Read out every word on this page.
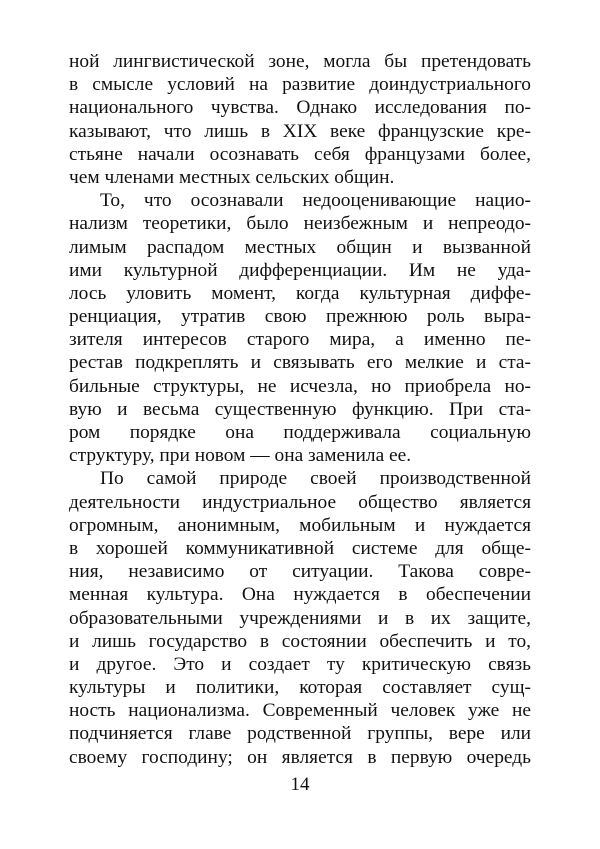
ной лингвистической зоне, могла бы претендовать
в смысле условий на развитие доиндустриального
национального чувства. Однако исследования по-
казывают, что лишь в XIX веке французские кре-
стьяне начали осознавать себя французами более,
чем членами местных сельских общин.
То, что осознавали недооценивающие нацио-
нализм теоретики, было неизбежным и непреодо-
лимым распадом местных общин и вызванной
ими культурной дифференциации. Им не уда-
лось уловить момент, когда культурная диффе-
ренциация, утратив свою прежнюю роль выра-
зителя интересов старого мира, а именно пе-
рестав подкреплять и связывать его мелкие и ста-
бильные структуры, не исчезла, но приобрела но-
вую и весьма существенную функцию. При ста-
ром порядке она поддерживала социальную
структуру, при новом — она заменила ее.
По самой природе своей производственной
деятельности индустриальное общество является
огромным, анонимным, мобильным и нуждается
в хорошей коммуникативной системе для обще-
ния, независимо от ситуации. Такова совре-
менная культура. Она нуждается в обеспечении
образовательными учреждениями и в их защите,
и лишь государство в состоянии обеспечить и то,
и другое. Это и создает ту критическую связь
культуры и политики, которая составляет сущ-
ность национализма. Современный человек уже не
подчиняется главе родственной группы, вере или
своему господину; он является в первую очередь
14
